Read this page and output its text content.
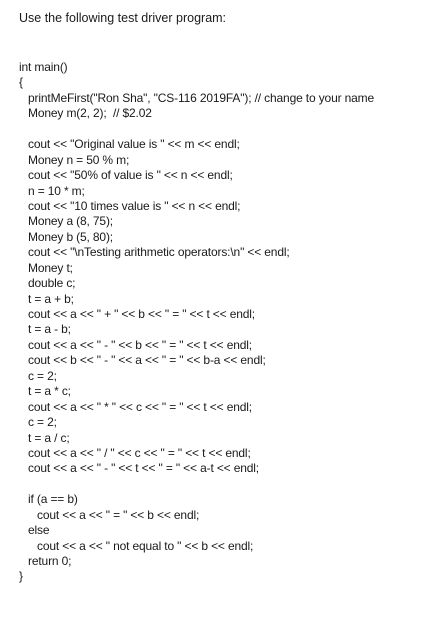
Use the following test driver program:
int main()
{
printMeFirst("Ron Sha", "CS-116 2019FA"); // change to your name
Money m(2, 2);  // $2.02
cout << "Original value is " << m << endl;
Money n = 50 % m;
cout << "50% of value is " << n << endl;
n = 10 * m;
cout << "10 times value is " << n << endl;
Money a (8, 75);
Money b (5, 80);
cout << "\nTesting arithmetic operators:\n" << endl;
Money t;
double c;
t = a + b;
cout << a << " + " << b << " = " << t << endl;
t = a - b;
cout << a << " - " << b << " = " << t << endl;
cout << b << " - " << a << " = " << b-a << endl;
c = 2;
t = a * c;
cout << a << " * " << c << " = " << t << endl;
c = 2;
t = a / c;
cout << a << " / " << c << " = " << t << endl;
cout << a << " - " << t << " = " << a-t << endl;
if (a == b)
cout << a << " = " << b << endl;
else
cout << a << " not equal to " << b << endl;
return 0;
}
